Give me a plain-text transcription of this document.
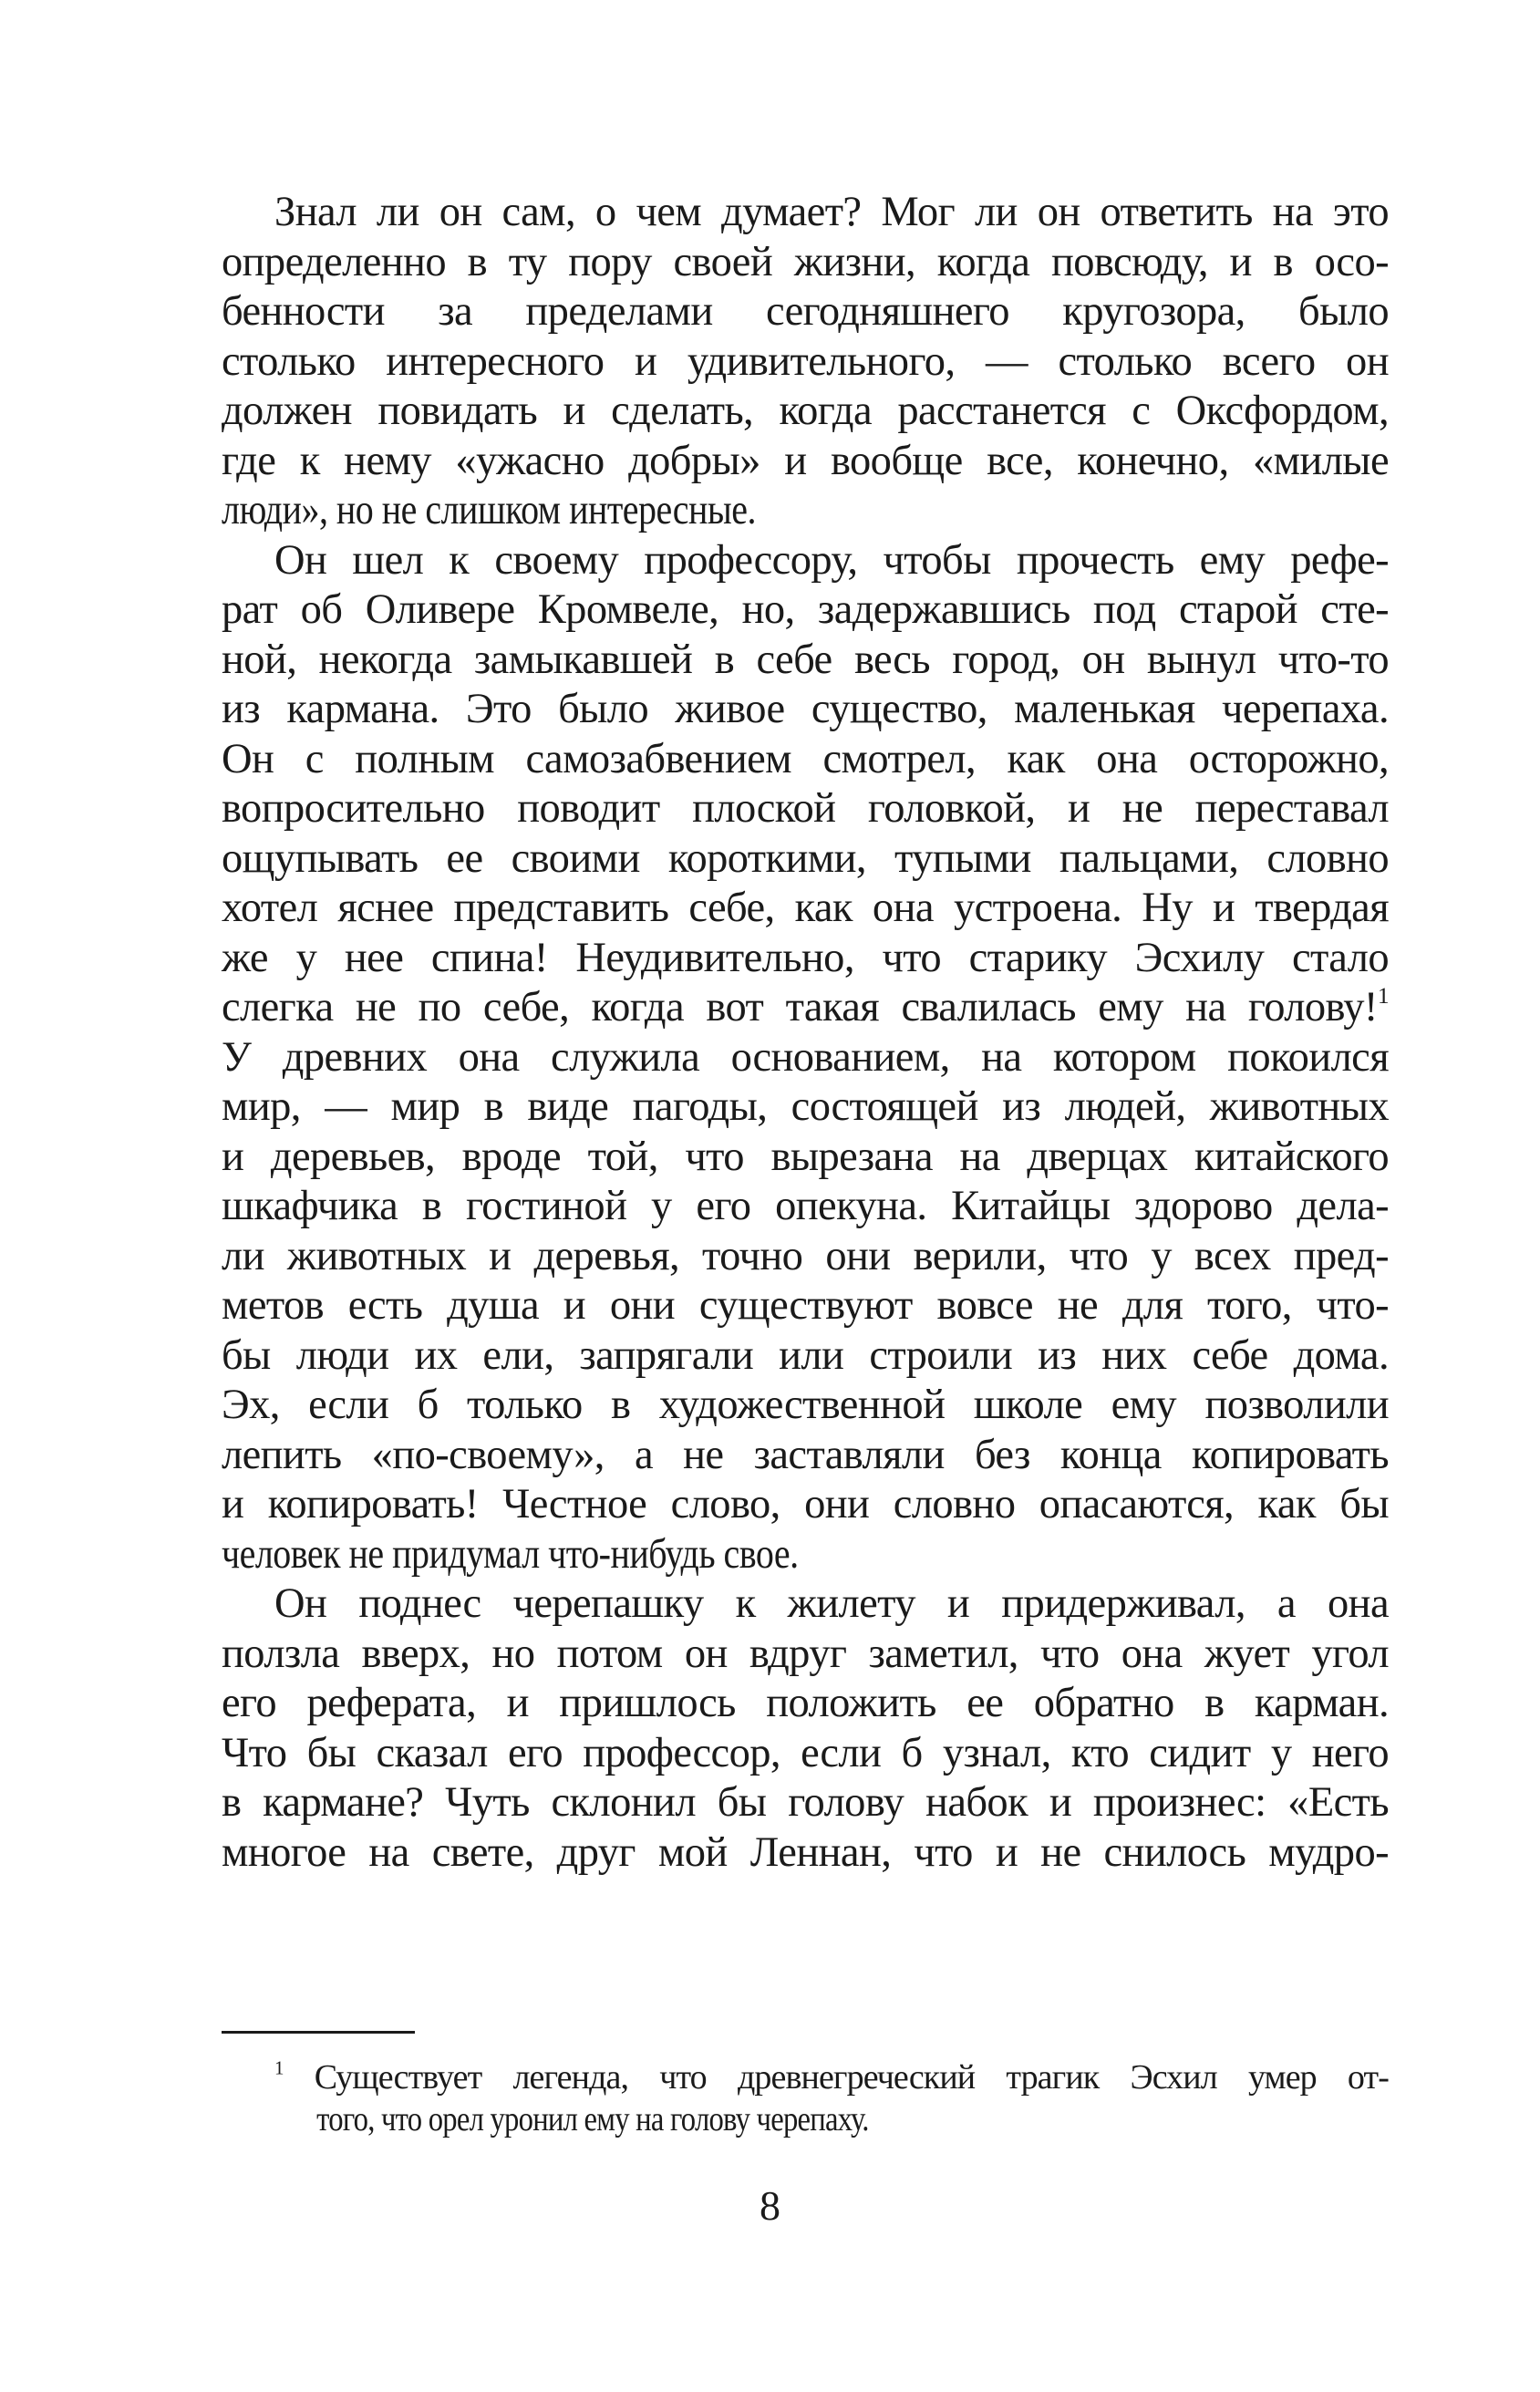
Знал ли он сам, о чем думает? Мог ли он ответить на это
определенно в ту пору своей жизни, когда повсюду, и в осо-
бенности за пределами сегодняшнего кругозора, было
столько интересного и удивительного, — столько всего он
должен повидать и сделать, когда расстанется с Оксфордом,
где к нему «ужасно добры» и вообще все, конечно, «милые
люди», но не слишком интересные.
Он шел к своему профессору, чтобы прочесть ему рефе-
рат об Оливере Кромвеле, но, задержавшись под старой сте-
ной, некогда замыкавшей в себе весь город, он вынул что-то
из кармана. Это было живое существо, маленькая черепаха.
Он с полным самозабвением смотрел, как она осторожно,
вопросительно поводит плоской головкой, и не переставал
ощупывать ее своими короткими, тупыми пальцами, словно
хотел яснее представить себе, как она устроена. Ну и твердая
же у нее спина! Неудивительно, что старику Эсхилу стало
слегка не по себе, когда вот такая свалилась ему на голову!$^1$
У древних она служила основанием, на котором покоился
мир, — мир в виде пагоды, состоящей из людей, животных
и деревьев, вроде той, что вырезана на дверцах китайского
шкафчика в гостиной у его опекуна. Китайцы здорово дела-
ли животных и деревья, точно они верили, что у всех пред-
метов есть душа и они существуют вовсе не для того, что-
бы люди их ели, запрягали или строили из них себе дома.
Эх, если б только в художественной школе ему позволили
лепить «по-своему», а не заставляли без конца копировать
и копировать! Честное слово, они словно опасаются, как бы
человек не придумал что-нибудь свое.
Он поднес черепашку к жилету и придерживал, а она
ползла вверх, но потом он вдруг заметил, что она жует угол
его реферата, и пришлось положить ее обратно в карман.
Что бы сказал его профессор, если б узнал, кто сидит у него
в кармане? Чуть склонил бы голову набок и произнес: «Есть
многое на свете, друг мой Леннан, что и не снилось мудро-
$^1$ Существует легенда, что древнегреческий трагик Эсхил умер от-
того, что орел уронил ему на голову черепаху.
8
